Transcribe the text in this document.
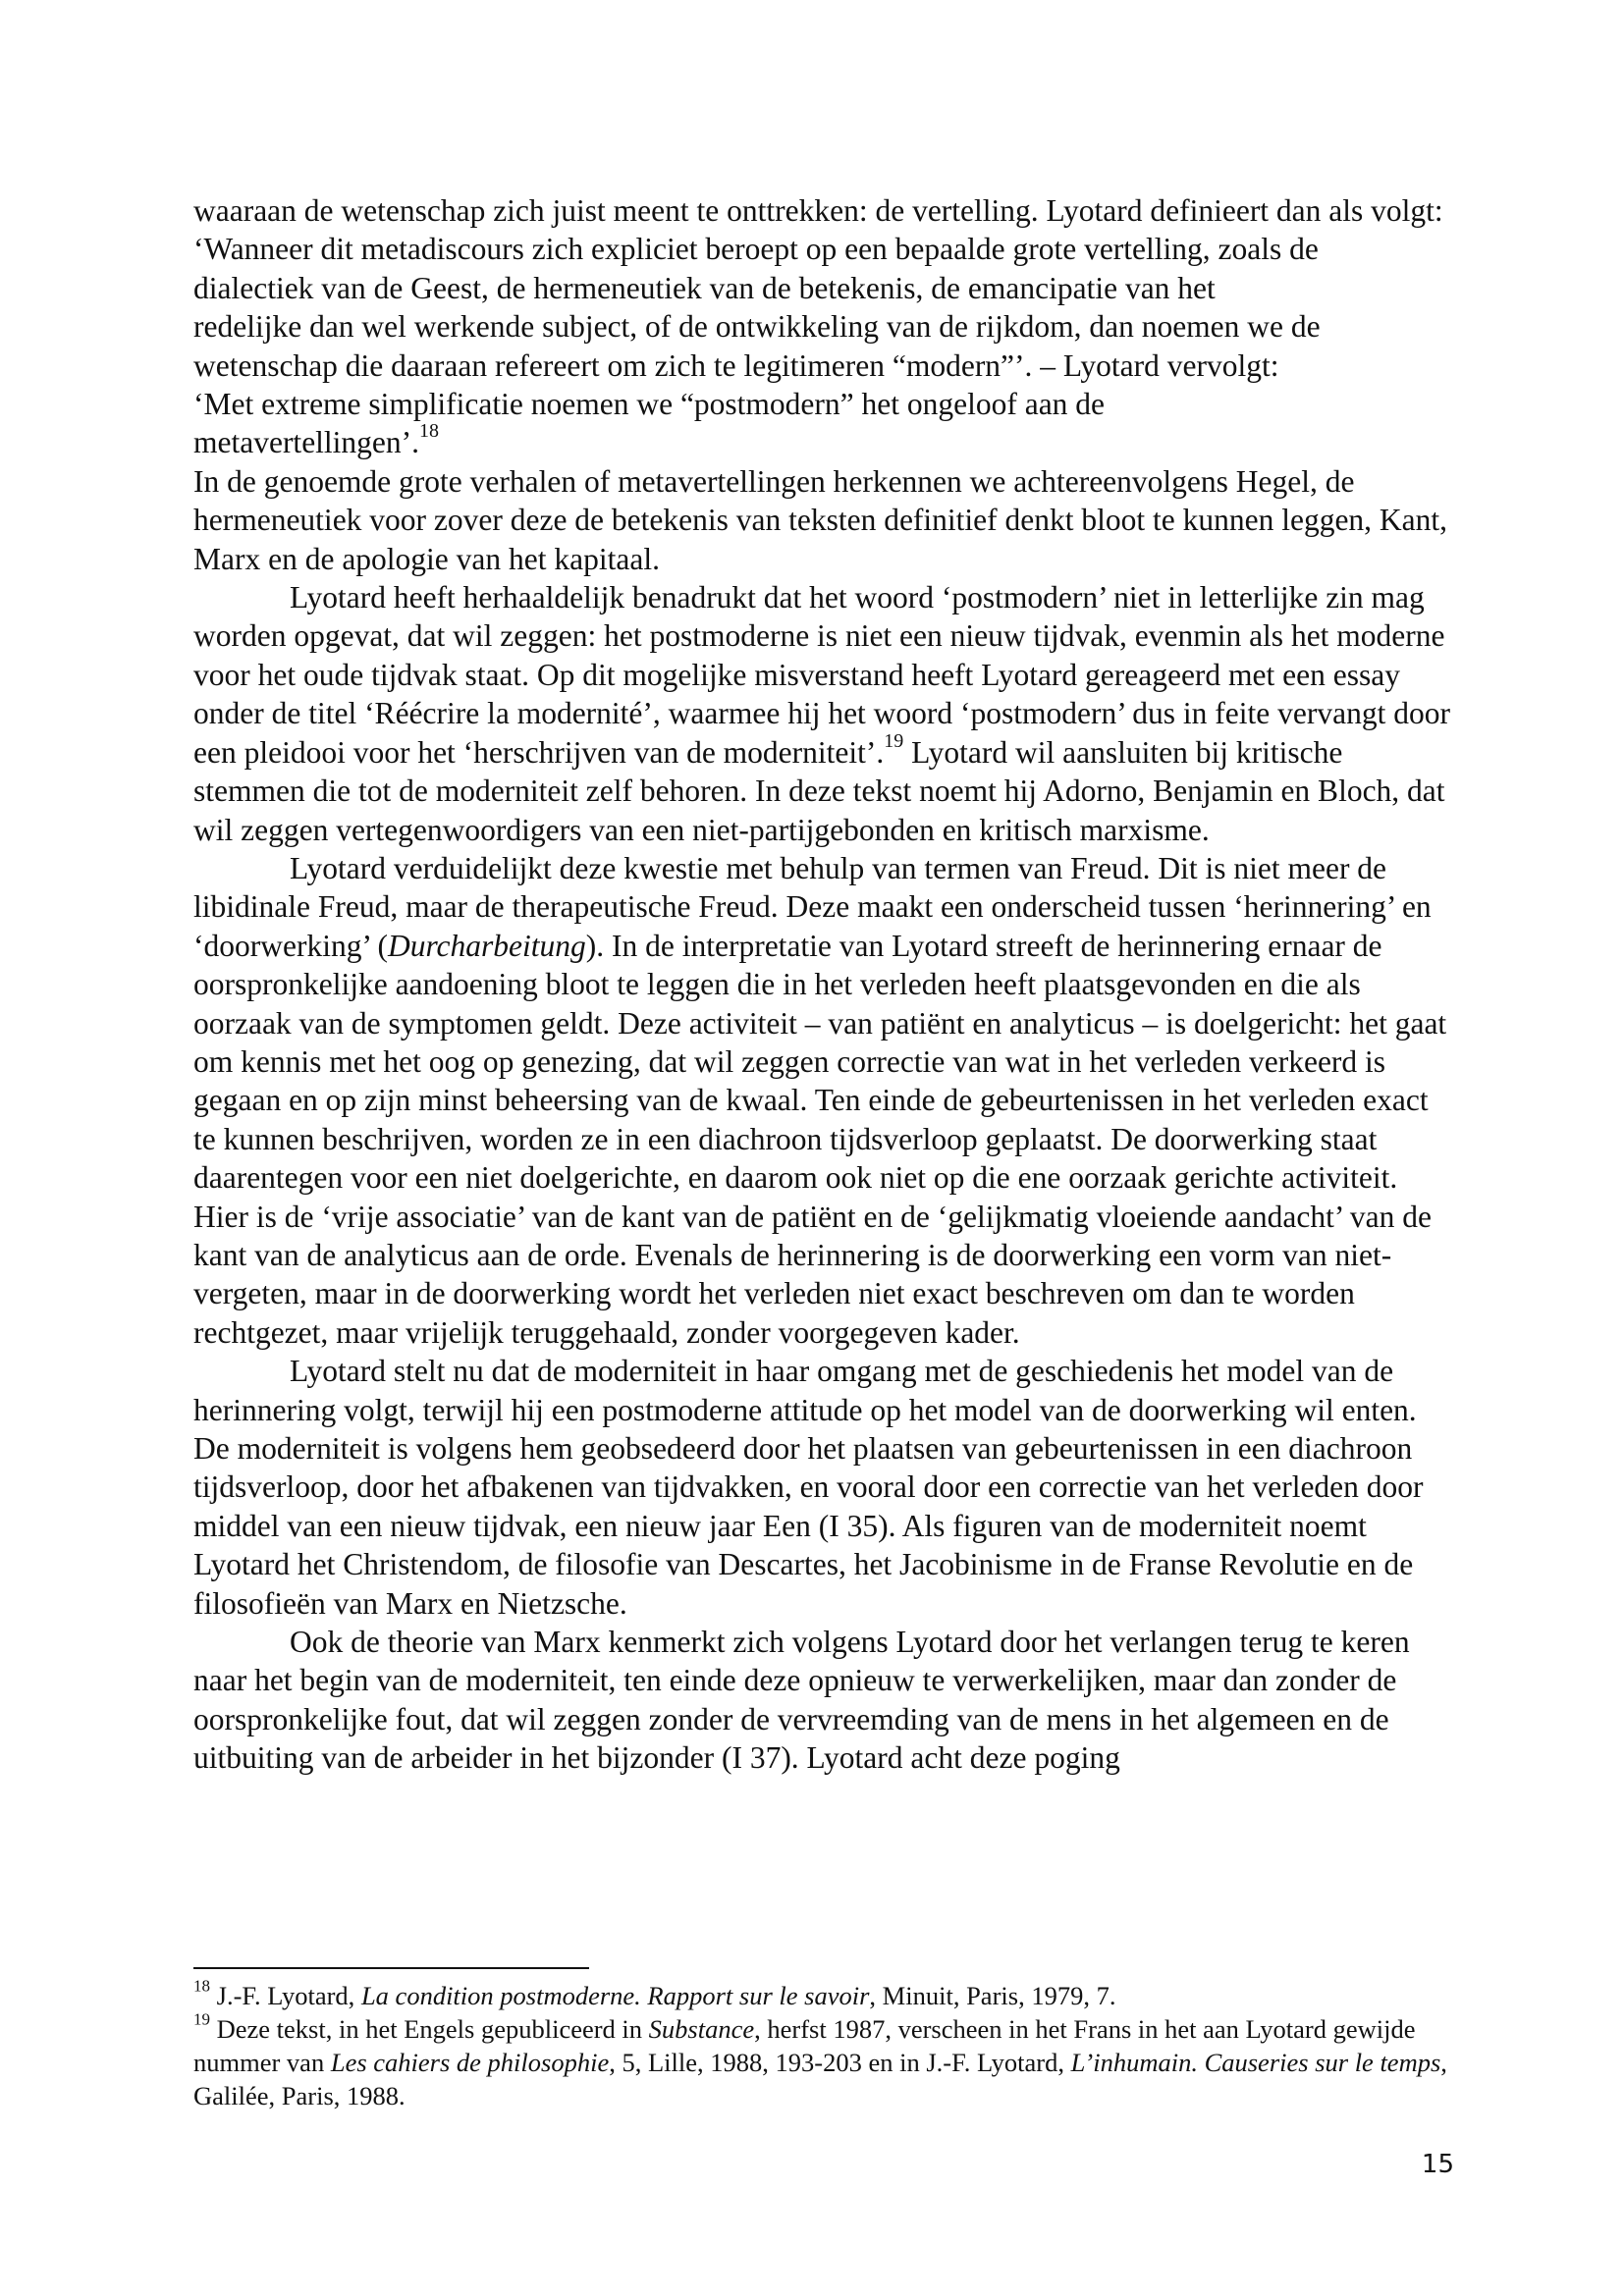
waaraan de wetenschap zich juist meent te onttrekken: de vertelling. Lyotard definieert dan als volgt:

‘Wanneer dit metadiscours zich expliciet beroept op een bepaalde grote vertelling, zoals de dialectiek van de Geest, de hermeneutiek van de betekenis, de emancipatie van het redelijke dan wel werkende subject, of de ontwikkeling van de rijkdom, dan noemen we de wetenschap die daaraan refereert om zich te legitimeren “modern”’. – Lyotard vervolgt: ‘Met extreme simplificatie noemen we “postmodern” het ongeloof aan de metavertellingen’.$^{18}$

In de genoemde grote verhalen of metavertellingen herkennen we achtereenvolgens Hegel, de hermeneutiek voor zover deze de betekenis van teksten definitief denkt bloot te kunnen leggen, Kant, Marx en de apologie van het kapitaal.

Lyotard heeft herhaaldelijk benadrukt dat het woord ‘postmodern’ niet in letterlijke zin mag worden opgevat, dat wil zeggen: het postmoderne is niet een nieuw tijdvak, evenmin als het moderne voor het oude tijdvak staat. Op dit mogelijke misverstand heeft Lyotard gereageerd met een essay onder de titel ‘Réécrire la modernité’, waarmee hij het woord ‘postmodern’ dus in feite vervangt door een pleidooi voor het ‘herschrijven van de moderniteit’.$^{19}$ Lyotard wil aansluiten bij kritische stemmen die tot de moderniteit zelf behoren. In deze tekst noemt hij Adorno, Benjamin en Bloch, dat wil zeggen vertegenwoordigers van een niet-partijgebonden en kritisch marxisme.

Lyotard verduidelijkt deze kwestie met behulp van termen van Freud. Dit is niet meer de libidinale Freud, maar de therapeutische Freud. Deze maakt een onderscheid tussen ‘herinnering’ en ‘doorwerking’ (Durcharbeitung). In de interpretatie van Lyotard streeft de herinnering ernaar de oorspronkelijke aandoening bloot te leggen die in het verleden heeft plaatsgevonden en die als oorzaak van de symptomen geldt. Deze activiteit – van patiënt en analyticus – is doelgericht: het gaat om kennis met het oog op genezing, dat wil zeggen correctie van wat in het verleden verkeerd is gegaan en op zijn minst beheersing van de kwaal. Ten einde de gebeurtenissen in het verleden exact te kunnen beschrijven, worden ze in een diachroon tijdsverloop geplaatst. De doorwerking staat daarentegen voor een niet doelgerichte, en daarom ook niet op die ene oorzaak gerichte activiteit. Hier is de ‘vrije associatie’ van de kant van de patiënt en de ‘gelijkmatig vloeiende aandacht’ van de kant van de analyticus aan de orde. Evenals de herinnering is de doorwerking een vorm van niet-vergeten, maar in de doorwerking wordt het verleden niet exact beschreven om dan te worden rechtgezet, maar vrijelijk teruggehaald, zonder voorgegeven kader.

Lyotard stelt nu dat de moderniteit in haar omgang met de geschiedenis het model van de herinnering volgt, terwijl hij een postmoderne attitude op het model van de doorwerking wil enten. De moderniteit is volgens hem geobsedeerd door het plaatsen van gebeurtenissen in een diachroon tijdsverloop, door het afbakenen van tijdvakken, en vooral door een correctie van het verleden door middel van een nieuw tijdvak, een nieuw jaar Een (I 35). Als figuren van de moderniteit noemt Lyotard het Christendom, de filosofie van Descartes, het Jacobinisme in de Franse Revolutie en de filosofieën van Marx en Nietzsche.

Ook de theorie van Marx kenmerkt zich volgens Lyotard door het verlangen terug te keren naar het begin van de moderniteit, ten einde deze opnieuw te verwerkelijken, maar dan zonder de oorspronkelijke fout, dat wil zeggen zonder de vervreemding van de mens in het algemeen en de uitbuiting van de arbeider in het bijzonder (I 37). Lyotard acht deze poging

$^{18}$ J.-F. Lyotard, La condition postmoderne. Rapport sur le savoir, Minuit, Paris, 1979, 7.

$^{19}$ Deze tekst, in het Engels gepubliceerd in Substance, herfst 1987, verscheen in het Frans in het aan Lyotard gewijde nummer van Les cahiers de philosophie, 5, Lille, 1988, 193-203 en in J.-F. Lyotard, L’inhumain. Causeries sur le temps, Galilée, Paris, 1988.

15
